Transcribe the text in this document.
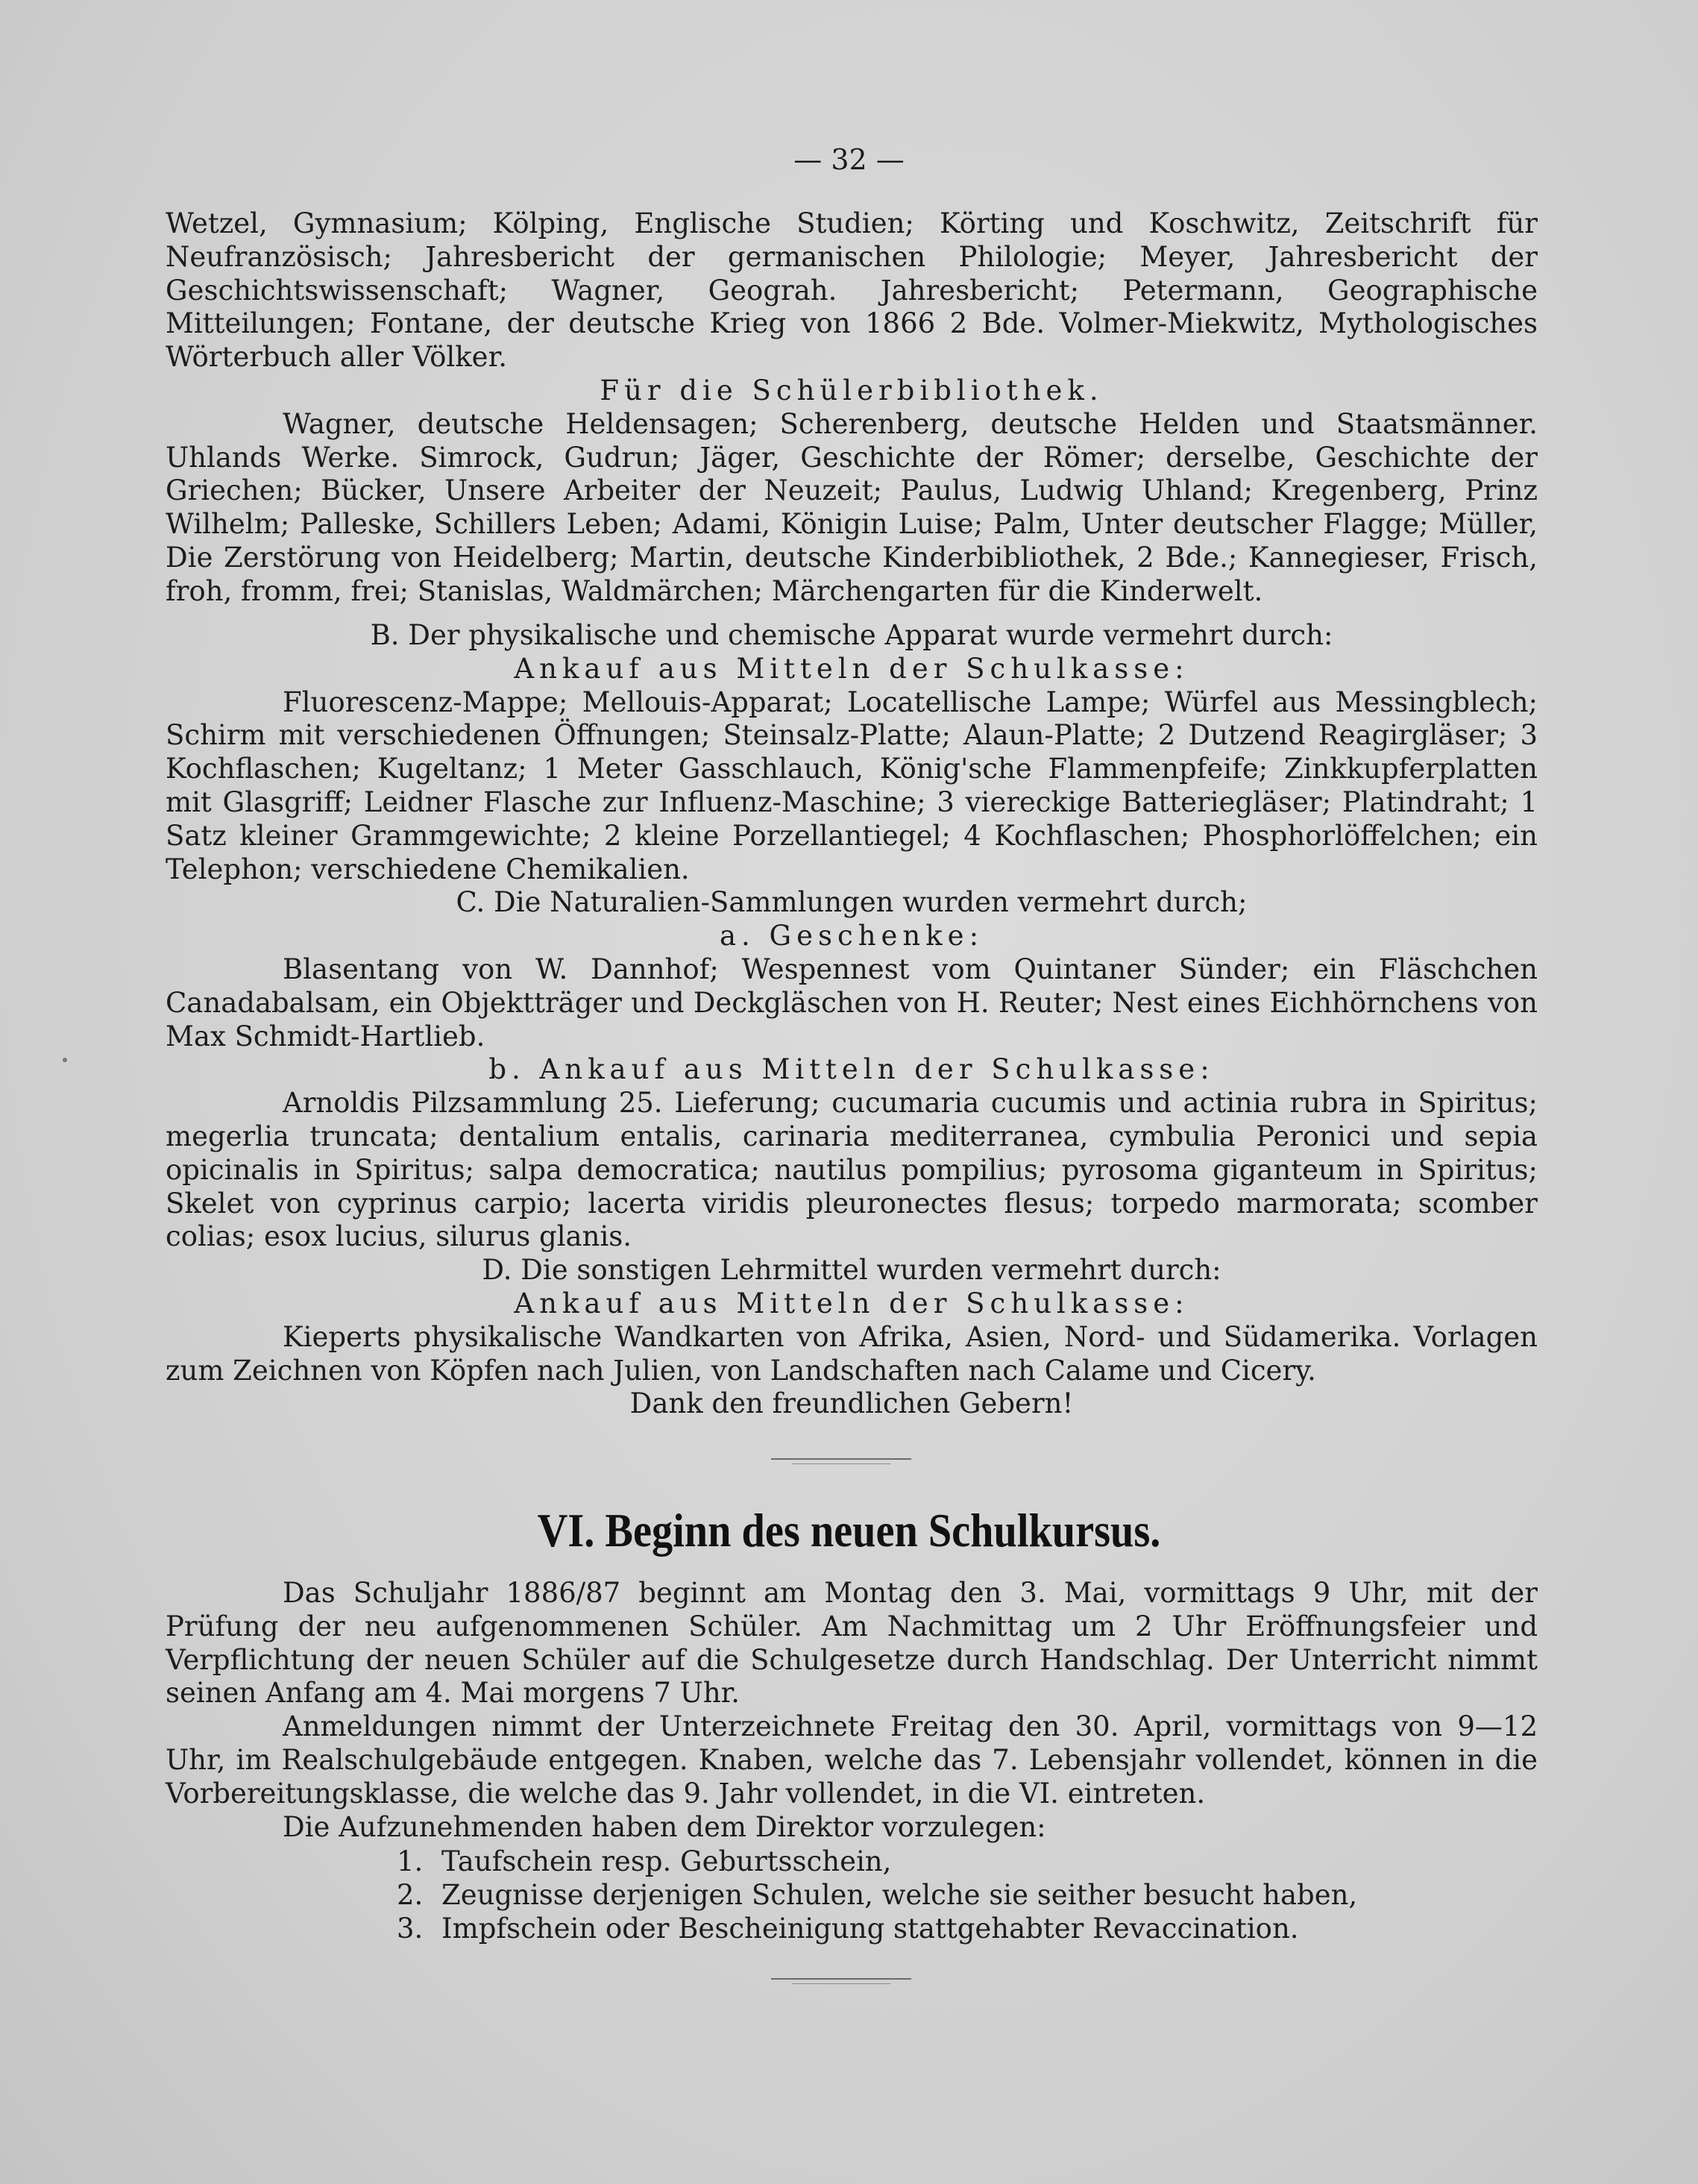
— 32 —

Wetzel, Gymnasium; Kölping, Englische Studien; Körting und Koschwitz, Zeitschrift für Neufranzösisch; Jahresbericht der germanischen Philologie; Meyer, Jahresbericht der Geschichtswissenschaft; Wagner, Geograh. Jahresbericht; Petermann, Geographische Mitteilungen; Fontane, der deutsche Krieg von 1866 2 Bde. Volmer-Miekwitz, Mythologisches Wörterbuch aller Völker.

Für die Schülerbibliothek.

Wagner, deutsche Heldensagen; Scherenberg, deutsche Helden und Staatsmänner. Uhlands Werke. Simrock, Gudrun; Jäger, Geschichte der Römer; derselbe, Geschichte der Griechen; Bücker, Unsere Arbeiter der Neuzeit; Paulus, Ludwig Uhland; Kregenberg, Prinz Wilhelm; Palleske, Schillers Leben; Adami, Königin Luise; Palm, Unter deutscher Flagge; Müller, Die Zerstörung von Heidelberg; Martin, deutsche Kinderbibliothek, 2 Bde.; Kannegieser, Frisch, froh, fromm, frei; Stanislas, Waldmärchen; Märchengarten für die Kinderwelt.

B. Der physikalische und chemische Apparat wurde vermehrt durch:

Ankauf aus Mitteln der Schulkasse:

Fluorescenz-Mappe; Mellouis-Apparat; Locatellische Lampe; Würfel aus Messingblech; Schirm mit verschiedenen Öffnungen; Steinsalz-Platte; Alaun-Platte; 2 Dutzend Reagirgläser; 3 Kochflaschen; Kugeltanz; 1 Meter Gasschlauch, König'sche Flammenpfeife; Zinkkupferplatten mit Glasgriff; Leidner Flasche zur Influenz-Maschine; 3 viereckige Batteriegläser; Platindraht; 1 Satz kleiner Grammgewichte; 2 kleine Porzellantiegel; 4 Kochflaschen; Phosphorlöffelchen; ein Telephon; verschiedene Chemikalien.

C. Die Naturalien-Sammlungen wurden vermehrt durch;

a. Geschenke:

Blasentang von W. Dannhof; Wespennest vom Quintaner Sünder; ein Fläschchen Canadabalsam, ein Objektträger und Deckgläschen von H. Reuter; Nest eines Eichhörnchens von Max Schmidt-Hartlieb.

b. Ankauf aus Mitteln der Schulkasse:

Arnoldis Pilzsammlung 25. Lieferung; cucumaria cucumis und actinia rubra in Spiritus; megerlia truncata; dentalium entalis, carinaria mediterranea, cymbulia Peronici und sepia opicinalis in Spiritus; salpa democratica; nautilus pompilius; pyrosoma giganteum in Spiritus; Skelet von cyprinus carpio; lacerta viridis pleuronectes flesus; torpedo marmorata; scomber colias; esox lucius, silurus glanis.

D. Die sonstigen Lehrmittel wurden vermehrt durch:

Ankauf aus Mitteln der Schulkasse:

Kieperts physikalische Wandkarten von Afrika, Asien, Nord- und Südamerika. Vorlagen zum Zeichnen von Köpfen nach Julien, von Landschaften nach Calame und Cicery.

Dank den freundlichen Gebern!

VI. Beginn des neuen Schulkursus.

Das Schuljahr 1886/87 beginnt am Montag den 3. Mai, vormittags 9 Uhr, mit der Prüfung der neu aufgenommenen Schüler. Am Nachmittag um 2 Uhr Eröffnungsfeier und Verpflichtung der neuen Schüler auf die Schulgesetze durch Handschlag. Der Unterricht nimmt seinen Anfang am 4. Mai morgens 7 Uhr.

Anmeldungen nimmt der Unterzeichnete Freitag den 30. April, vormittags von 9—12 Uhr, im Realschulgebäude entgegen. Knaben, welche das 7. Lebensjahr vollendet, können in die Vorbereitungsklasse, die welche das 9. Jahr vollendet, in die VI. eintreten.

Die Aufzunehmenden haben dem Direktor vorzulegen:

1. Taufschein resp. Geburtsschein,
2. Zeugnisse derjenigen Schulen, welche sie seither besucht haben,
3. Impfschein oder Bescheinigung stattgehabter Revaccination.
